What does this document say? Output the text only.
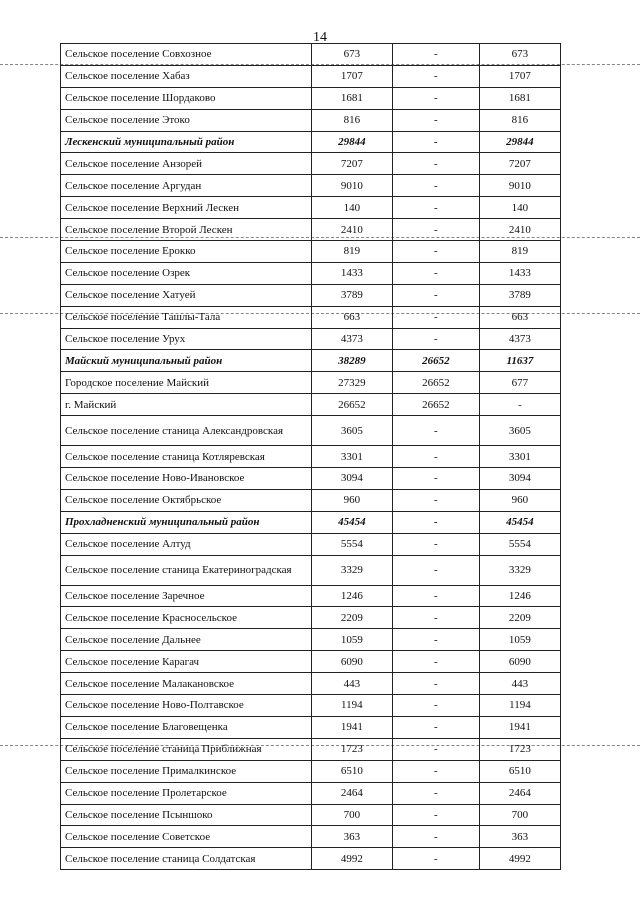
14
Сельское поселение Совхозное	673	-	673
Сельское поселение Хабаз	1707	-	1707
Сельское поселение Шордаково	1681	-	1681
Сельское поселение Этоко	816	-	816
Лескенский муниципальный район	29844	-	29844
Сельское поселение Анзорей	7207	-	7207
Сельское поселение Аргудан	9010	-	9010
Сельское поселение Верхний Лескен	140	-	140
Сельское поселение Второй Лескен	2410	-	2410
Сельское поселение Ерокко	819	-	819
Сельское поселение Озрек	1433	-	1433
Сельское поселение Хатуей	3789	-	3789
Сельское поселение Ташлы-Тала	663	-	663
Сельское поселение Урух	4373	-	4373
Майский муниципальный район	38289	26652	11637
Городское поселение Майский	27329	26652	677
г. Майский	26652	26652	-
Сельское поселение станица Александровская	3605	-	3605
Сельское поселение станица Котляревская	3301	-	3301
Сельское поселение Ново-Ивановское	3094	-	3094
Сельское поселение Октябрьское	960	-	960
Прохладненский муниципальный район	45454	-	45454
Сельское поселение Алтуд	5554	-	5554
Сельское поселение станица Екатериноградская	3329	-	3329
Сельское поселение Заречное	1246	-	1246
Сельское поселение Красносельское	2209	-	2209
Сельское поселение Дальнее	1059	-	1059
Сельское поселение Карагач	6090	-	6090
Сельское поселение Малакановское	443	-	443
Сельское поселение Ново-Полтавское	1194	-	1194
Сельское поселение Благовещенка	1941	-	1941
Сельское поселение станица Приближная	1723	-	1723
Сельское поселение Прималкинское	6510	-	6510
Сельское поселение Пролетарское	2464	-	2464
Сельское поселение Псыншоко	700	-	700
Сельское поселение Советское	363	-	363
Сельское поселение станица Солдатская	4992	-	4992
